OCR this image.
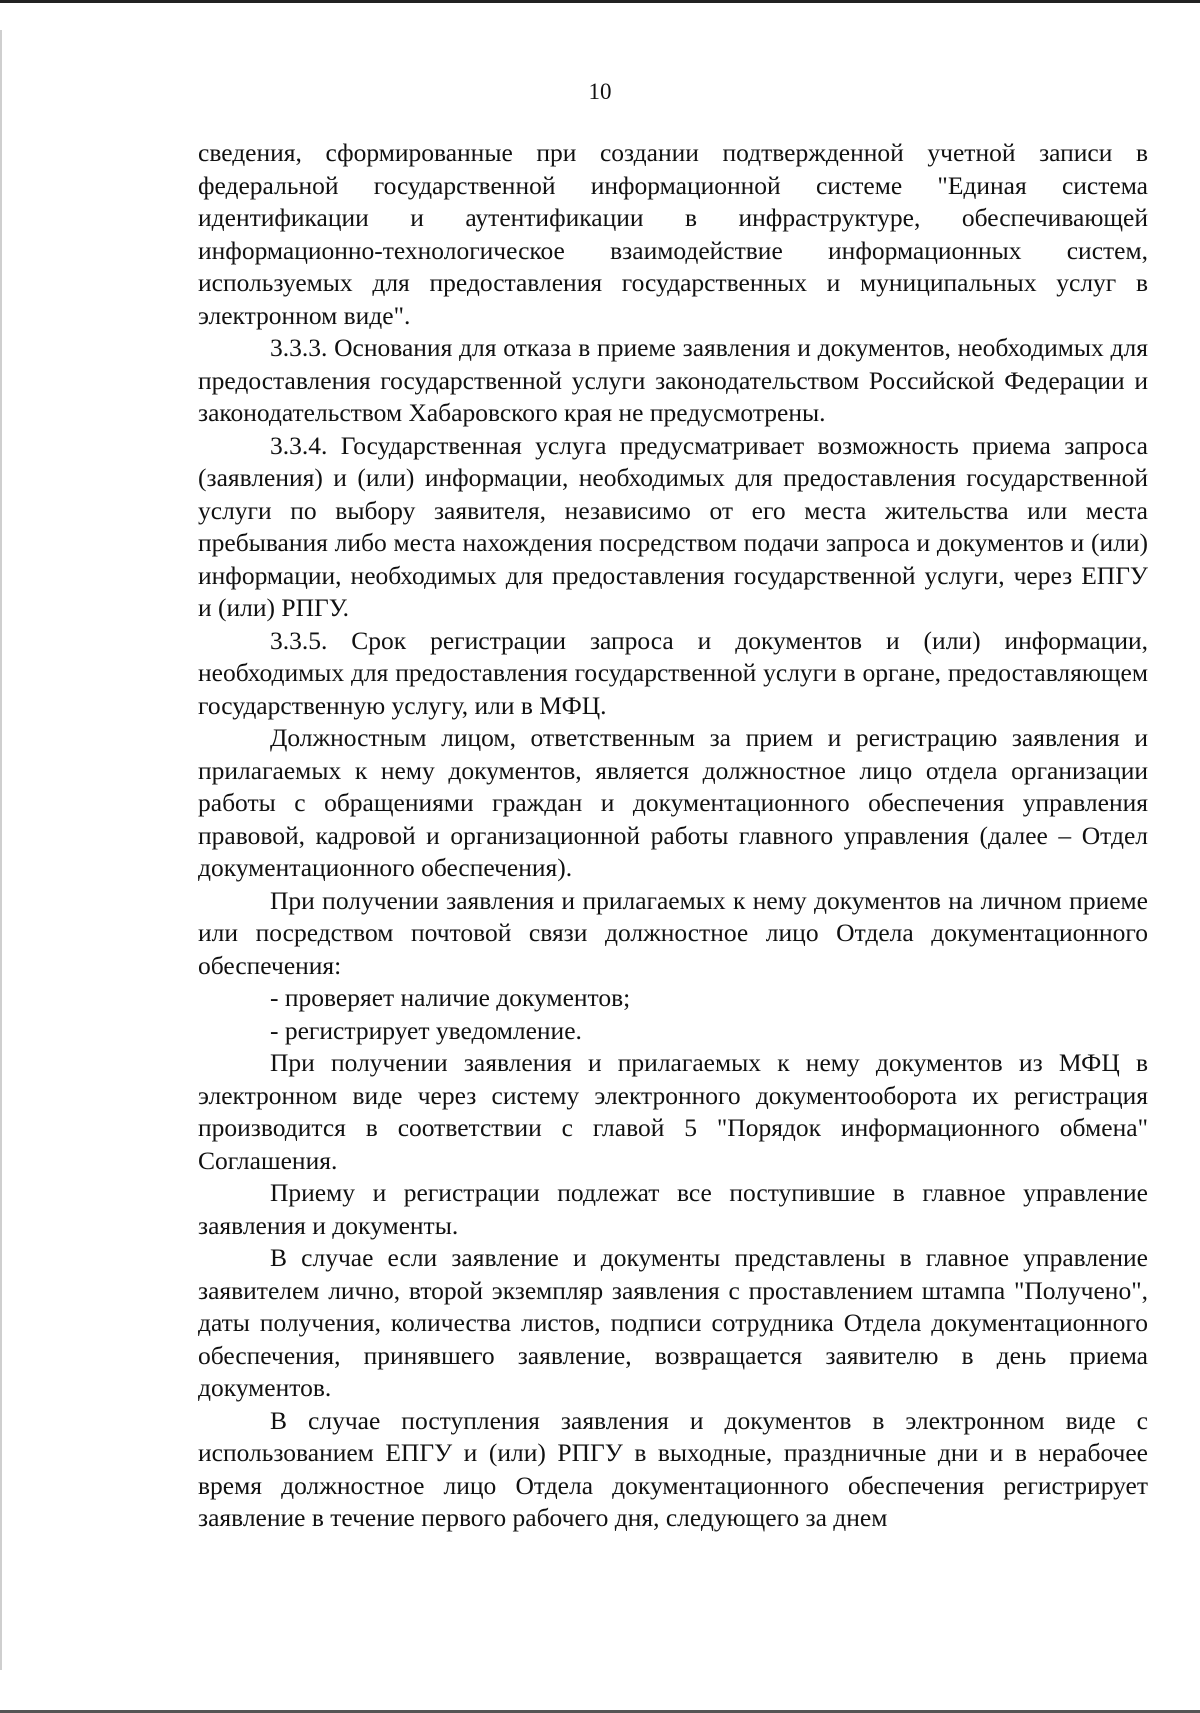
10

сведения, сформированные при создании подтвержденной учетной записи в федеральной государственной информационной системе "Единая система идентификации и аутентификации в инфраструктуре, обеспечивающей информационно-технологическое взаимодействие информационных систем, используемых для предоставления государственных и муниципальных услуг в электронном виде".

3.3.3. Основания для отказа в приеме заявления и документов, необходимых для предоставления государственной услуги законодательством Российской Федерации и законодательством Хабаровского края не предусмотрены.

3.3.4. Государственная услуга предусматривает возможность приема запроса (заявления) и (или) информации, необходимых для предоставления государственной услуги по выбору заявителя, независимо от его места жительства или места пребывания либо места нахождения посредством подачи запроса и документов и (или) информации, необходимых для предоставления государственной услуги, через ЕПГУ и (или) РПГУ.

3.3.5. Срок регистрации запроса и документов и (или) информации, необходимых для предоставления государственной услуги в органе, предоставляющем государственную услугу, или в МФЦ.

Должностным лицом, ответственным за прием и регистрацию заявления и прилагаемых к нему документов, является должностное лицо отдела организации работы с обращениями граждан и документационного обеспечения управления правовой, кадровой и организационной работы главного управления (далее – Отдел документационного обеспечения).

При получении заявления и прилагаемых к нему документов на личном приеме или посредством почтовой связи должностное лицо Отдела документационного обеспечения:

- проверяет наличие документов;

- регистрирует уведомление.

При получении заявления и прилагаемых к нему документов из МФЦ в электронном виде через систему электронного документооборота их регистрация производится в соответствии с главой 5 "Порядок информационного обмена" Соглашения.

Приему и регистрации подлежат все поступившие в главное управление заявления и документы.

В случае если заявление и документы представлены в главное управление заявителем лично, второй экземпляр заявления с проставлением штампа "Получено", даты получения, количества листов, подписи сотрудника Отдела документационного обеспечения, принявшего заявление, возвращается заявителю в день приема документов.

В случае поступления заявления и документов в электронном виде с использованием ЕПГУ и (или) РПГУ в выходные, праздничные дни и в нерабочее время должностное лицо Отдела документационного обеспечения регистрирует заявление в течение первого рабочего дня, следующего за днем
